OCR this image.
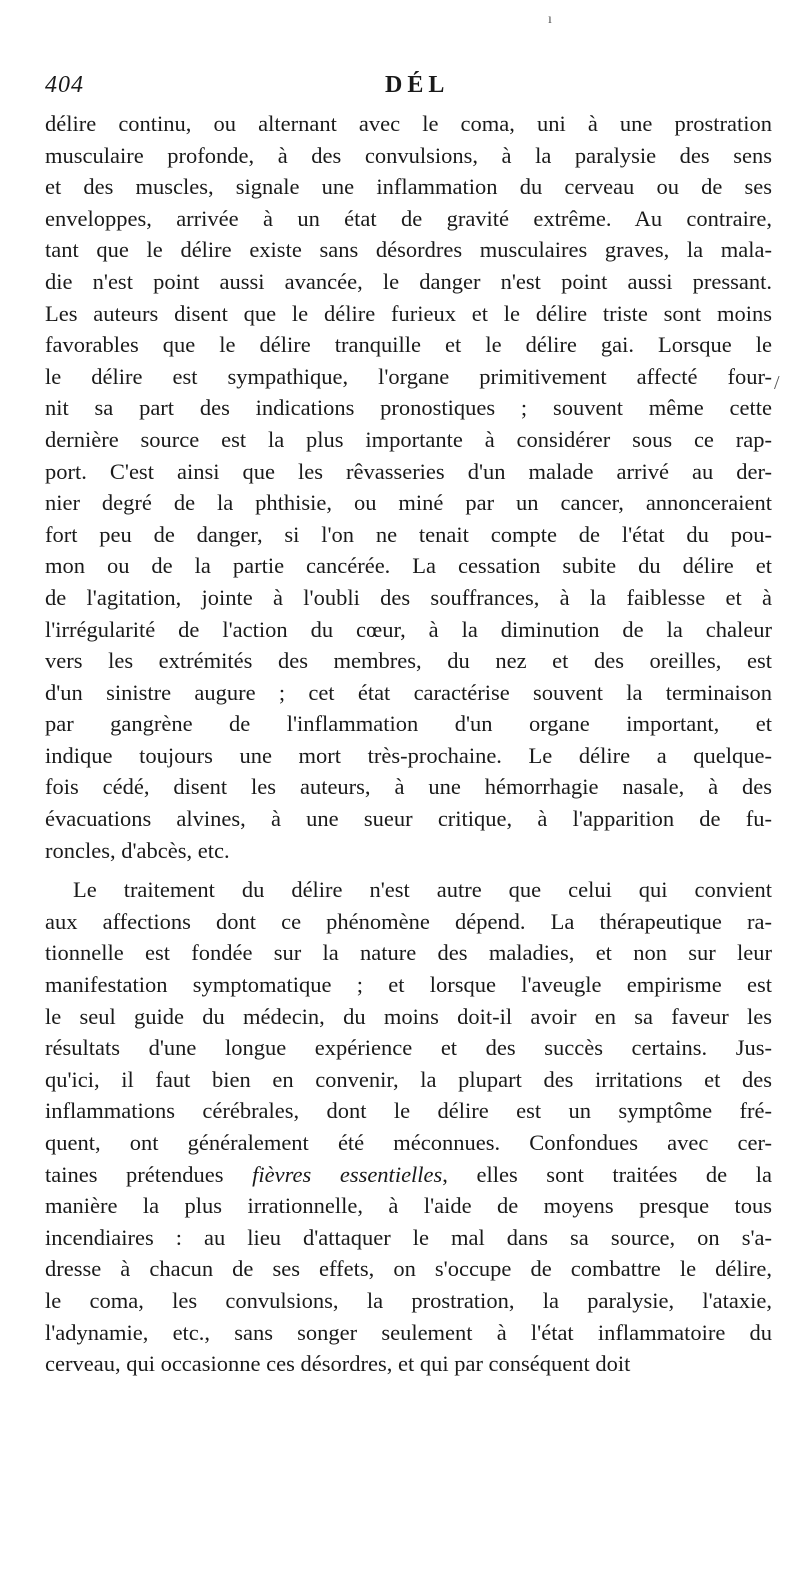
404	DÉL
délire continu, ou alternant avec le coma, uni à une prostration
musculaire profonde, à des convulsions, à la paralysie des sens
et des muscles, signale une inflammation du cerveau ou de ses
enveloppes, arrivée à un état de gravité extrême. Au contraire,
tant que le délire existe sans désordres musculaires graves, la mala-
die n'est point aussi avancée, le danger n'est point aussi pressant.
Les auteurs disent que le délire furieux et le délire triste sont moins
favorables que le délire tranquille et le délire gai. Lorsque le
le délire est sympathique, l'organe primitivement affecté four-
nit sa part des indications pronostiques ; souvent même cette
dernière source est la plus importante à considérer sous ce rap-
port. C'est ainsi que les rêvasseries d'un malade arrivé au der-
nier degré de la phthisie, ou miné par un cancer, annonceraient
fort peu de danger, si l'on ne tenait compte de l'état du pou-
mon ou de la partie cancérée. La cessation subite du délire et
de l'agitation, jointe à l'oubli des souffrances, à la faiblesse et à
l'irrégularité de l'action du cœur, à la diminution de la chaleur
vers les extrémités des membres, du nez et des oreilles, est
d'un sinistre augure ; cet état caractérise souvent la terminaison
par gangrène de l'inflammation d'un organe important, et
indique toujours une mort très-prochaine. Le délire a quelque-
fois cédé, disent les auteurs, à une hémorrhagie nasale, à des
évacuations alvines, à une sueur critique, à l'apparition de fu-
roncles, d'abcès, etc.
Le traitement du délire n'est autre que celui qui convient
aux affections dont ce phénomène dépend. La thérapeutique ra-
tionnelle est fondée sur la nature des maladies, et non sur leur
manifestation symptomatique ; et lorsque l'aveugle empirisme est
le seul guide du médecin, du moins doit-il avoir en sa faveur les
résultats d'une longue expérience et des succès certains. Jus-
qu'ici, il faut bien en convenir, la plupart des irritations et des
inflammations cérébrales, dont le délire est un symptôme fré-
quent, ont généralement été méconnues. Confondues avec cer-
taines prétendues fièvres essentielles, elles sont traitées de la
manière la plus irrationnelle, à l'aide de moyens presque tous
incendiaires : au lieu d'attaquer le mal dans sa source, on s'a-
dresse à chacun de ses effets, on s'occupe de combattre le délire,
le coma, les convulsions, la prostration, la paralysie, l'ataxie,
l'adynamie, etc., sans songer seulement à l'état inflammatoire du
cerveau, qui occasionne ces désordres, et qui par conséquent doit
ı
/
